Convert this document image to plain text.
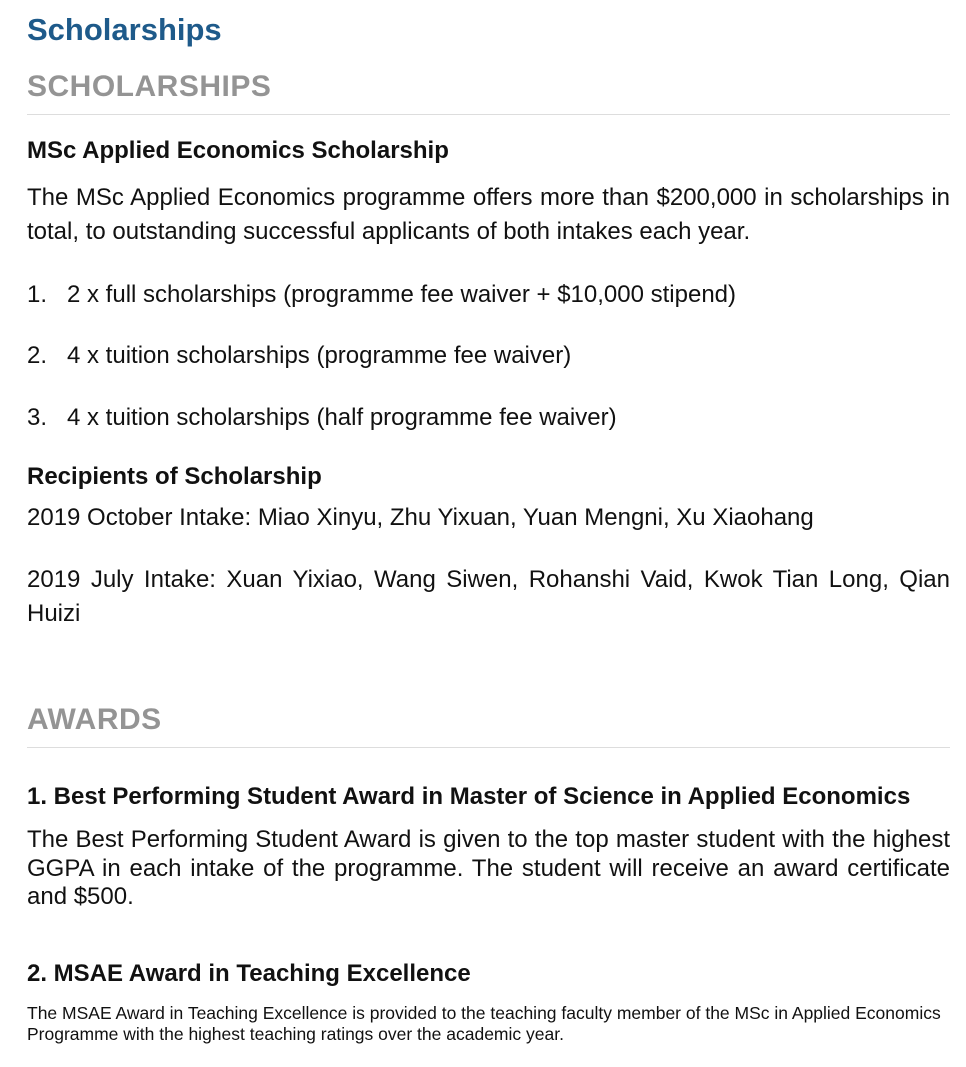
Scholarships
SCHOLARSHIPS
MSc Applied Economics Scholarship

The MSc Applied Economics programme offers more than $200,000 in scholarships in total, to outstanding successful applicants of both intakes each year.

1. 2 x full scholarships (programme fee waiver + $10,000 stipend)
2. 4 x tuition scholarships (programme fee waiver)
3. 4 x tuition scholarships (half programme fee waiver)
Recipients of Scholarship

2019 October Intake: Miao Xinyu, Zhu Yixuan, Yuan Mengni, Xu Xiaohang

2019 July Intake: Xuan Yixiao, Wang Siwen, Rohanshi Vaid, Kwok Tian Long, Qian Huizi

AWARDS
1. Best Performing Student Award in Master of Science in Applied Economics

The Best Performing Student Award is given to the top master student with the highest GGPA in each intake of the programme. The student will receive an award certificate and $500.

2. MSAE Award in Teaching Excellence

The MSAE Award in Teaching Excellence is provided to the teaching faculty member of the MSc in Applied Economics Programme with the highest teaching ratings over the academic year.
